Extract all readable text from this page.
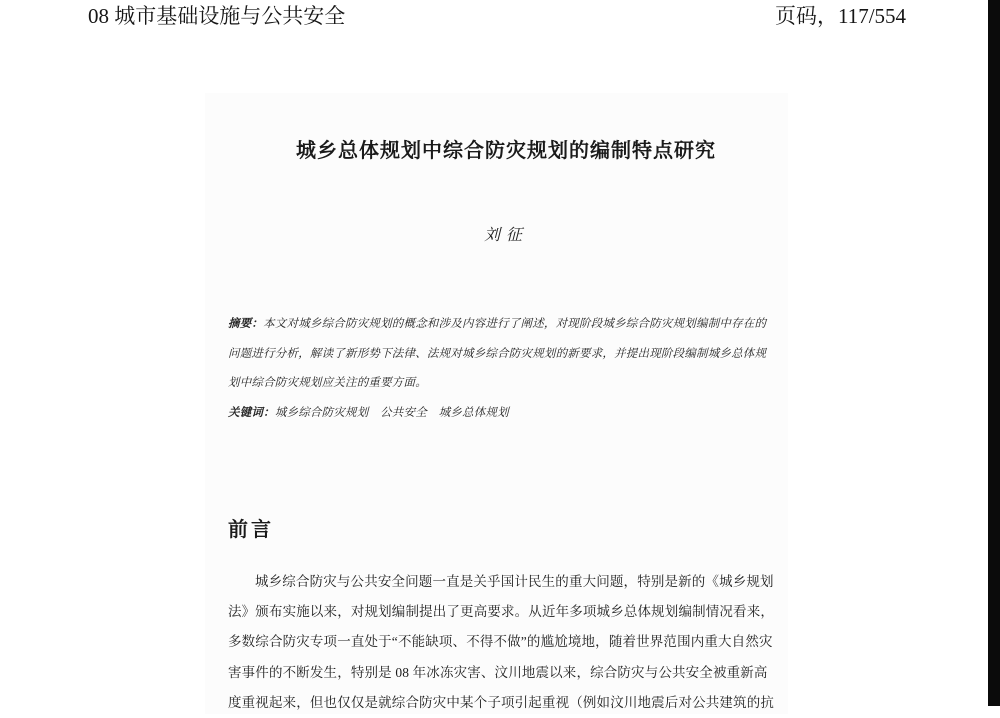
08 城市基础设施与公共安全	页码，117/554
城乡总体规划中综合防灾规划的编制特点研究
刘征
摘要：本文对城乡综合防灾规划的概念和涉及内容进行了阐述，对现阶段城乡综合防灾规划编制中存在的
问题进行分析，解读了新形势下法律、法规对城乡综合防灾规划的新要求，并提出现阶段编制城乡总体规
划中综合防灾规划应关注的重要方面。
关键词：城乡综合防灾规划　公共安全　城乡总体规划
前言
城乡综合防灾与公共安全问题一直是关乎国计民生的重大问题，特别是新的《城乡规划
法》颁布实施以来，对规划编制提出了更高要求。从近年多项城乡总体规划编制情况看来，
多数综合防灾专项一直处于“不能缺项、不得不做”的尴尬境地，随着世界范围内重大自然灾
害事件的不断发生，特别是 08 年冰冻灾害、汶川地震以来，综合防灾与公共安全被重新高
度重视起来，但也仅仅是就综合防灾中某个子项引起重视（例如汶川地震后对公共建筑的抗
